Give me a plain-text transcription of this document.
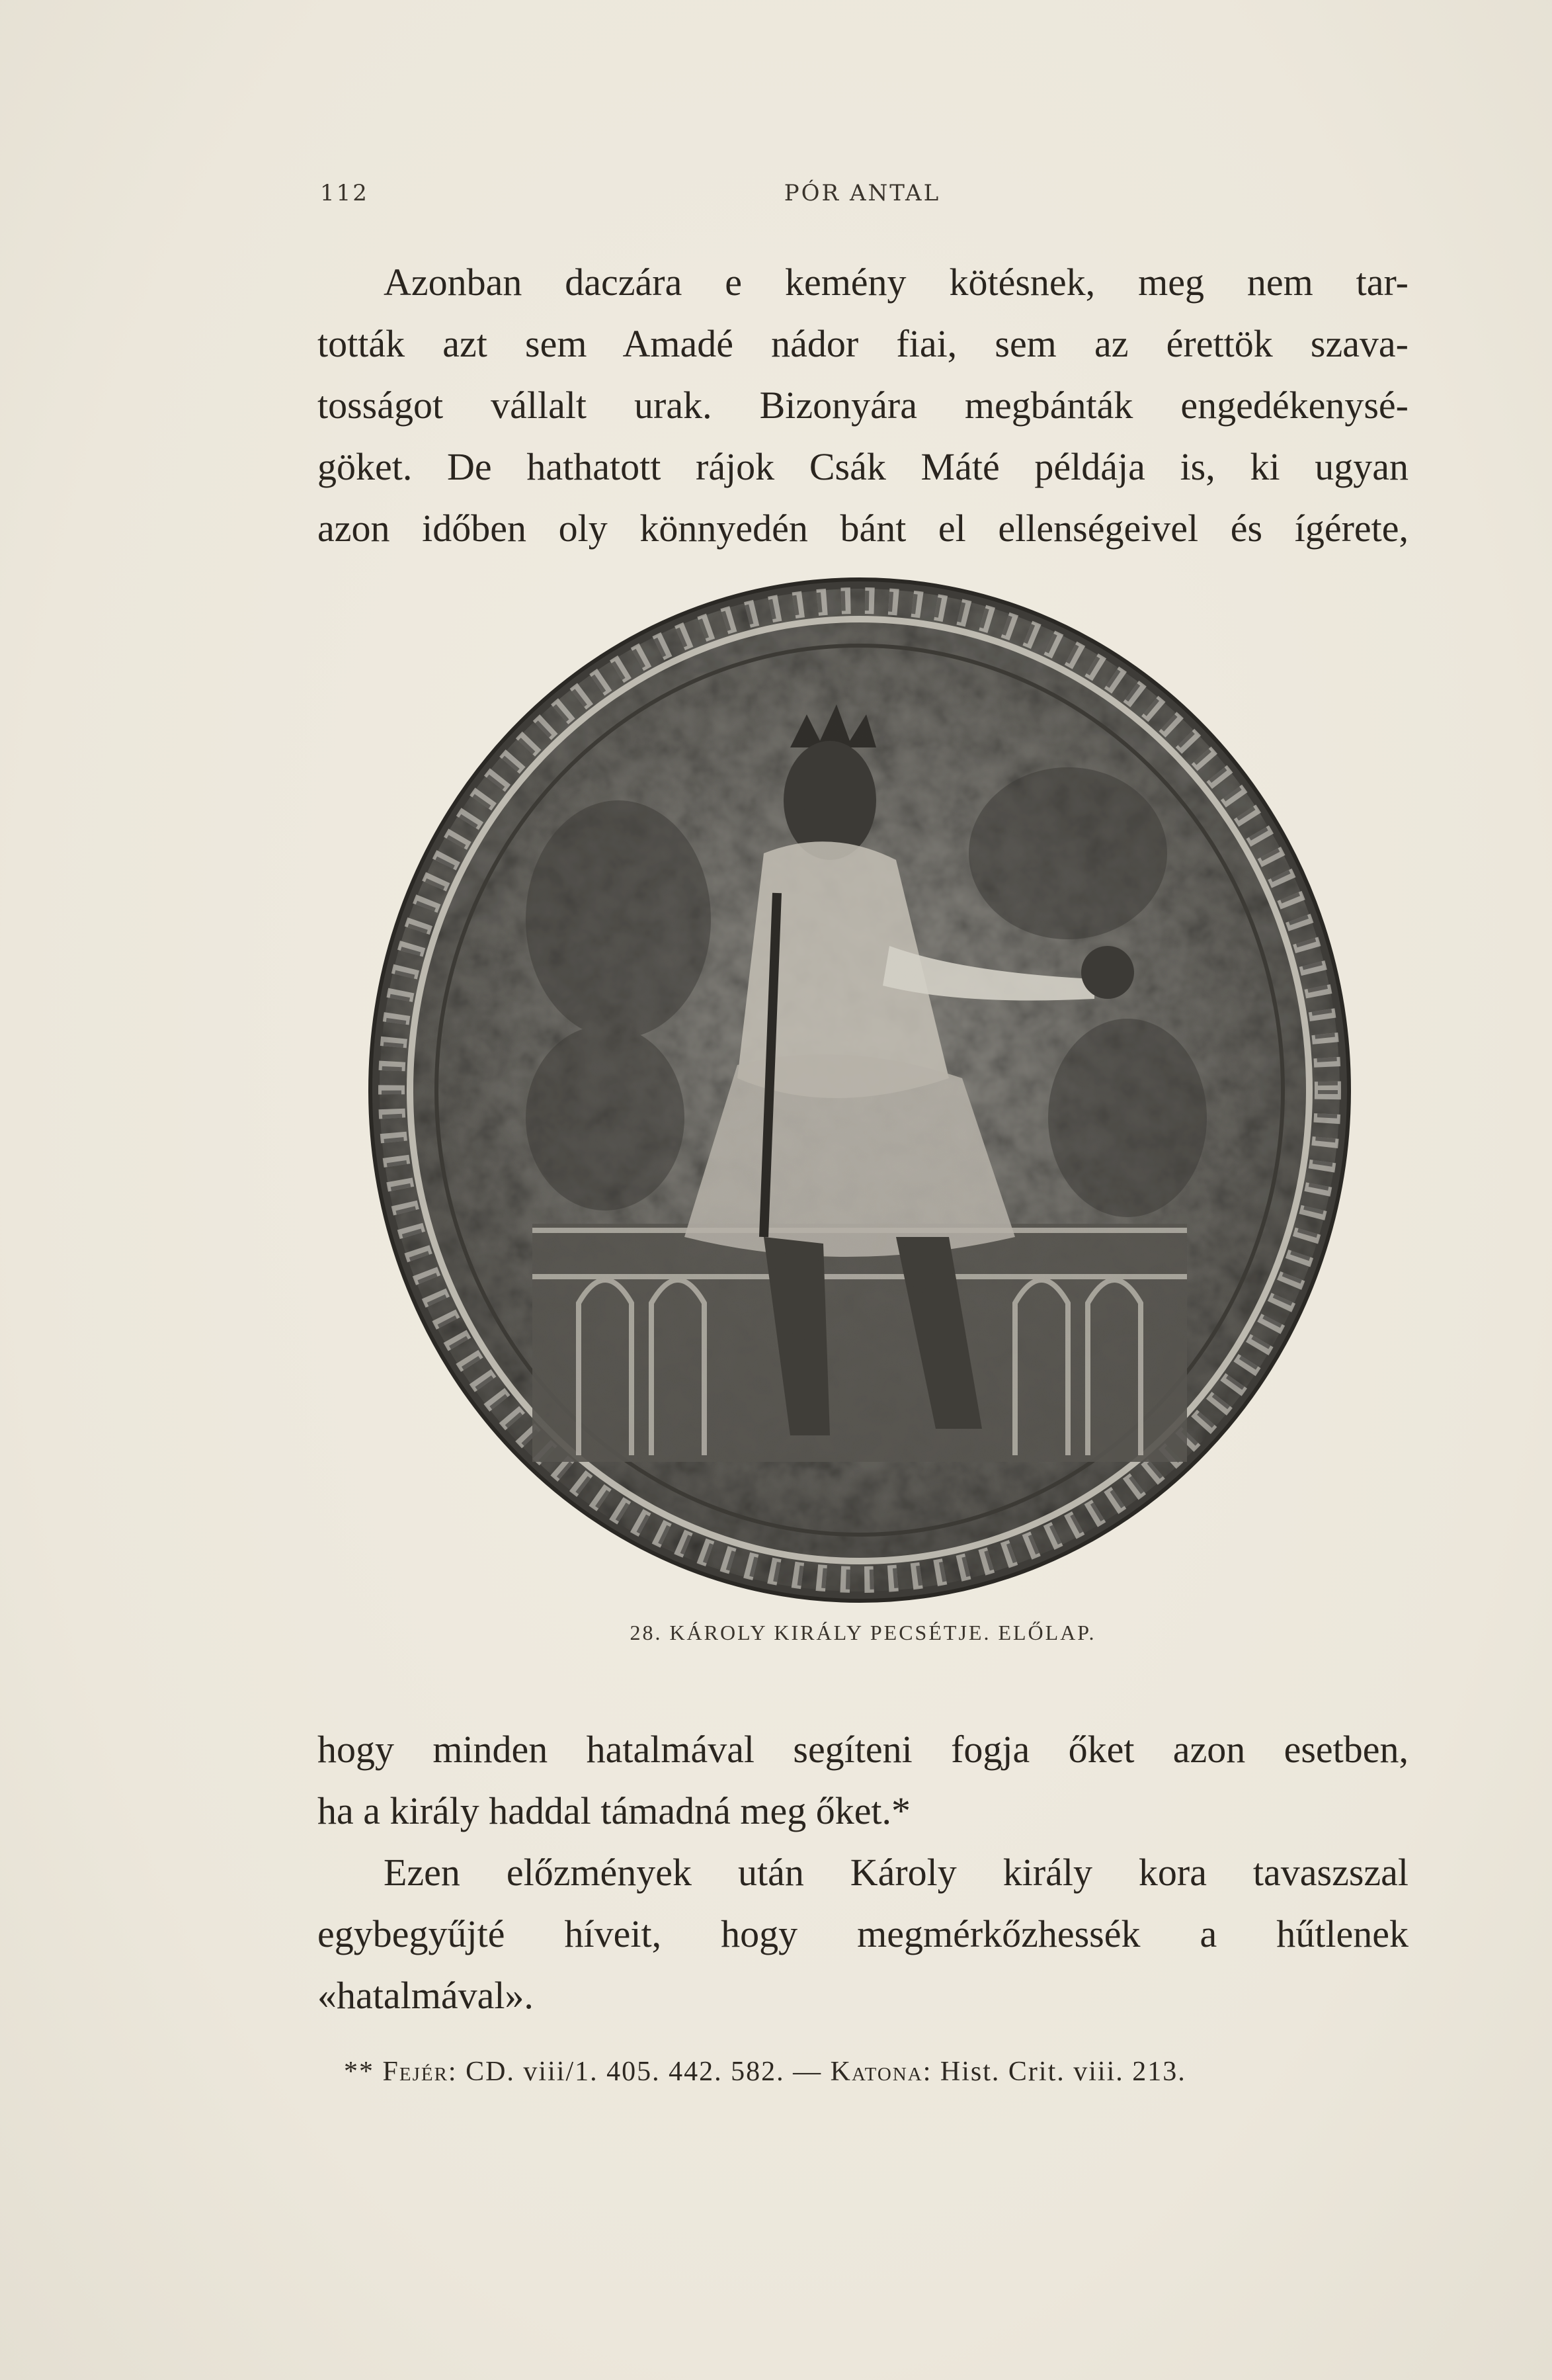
112	PÓR ANTAL
Azonban daczára e kemény kötésnek, meg nem tar-
tották azt sem Amadé nádor fiai, sem az érettök szava-
tosságot vállalt urak. Bizonyára megbánták engedékenysé-
göket. De hathatott rájok Csák Máté példája is, ki ugyan
azon időben oly könnyedén bánt el ellenségeivel és ígérete,
28. KÁROLY KIRÁLY PECSÉTJE. ELŐLAP.
hogy minden hatalmával segíteni fogja őket azon esetben,
ha a király haddal támadná meg őket.*
Ezen előzmények után Károly király kora tavaszszal
egybegyűjté híveit, hogy megmérkőzhessék a hűtlenek
«hatalmával».
** Fejér: CD. viii/1. 405. 442. 582. — Katona: Hist. Crit. viii. 213.
